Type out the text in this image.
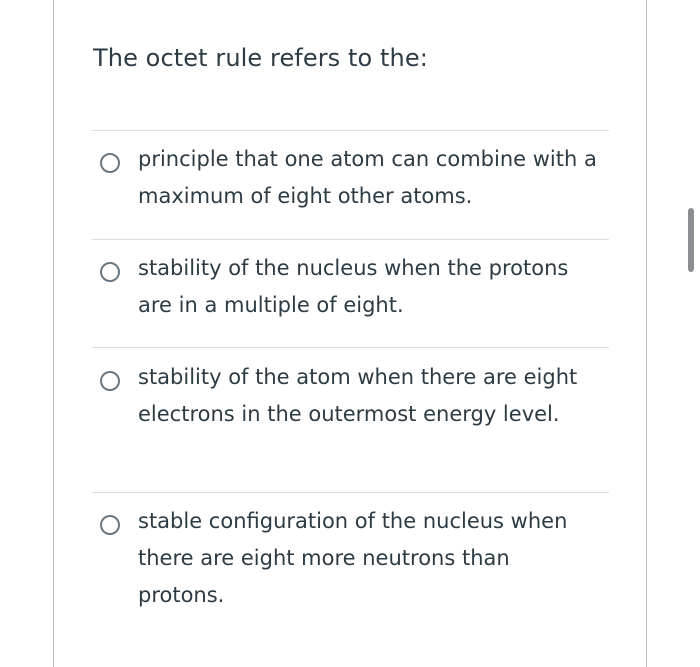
The octet rule refers to the:
principle that one atom can combine with a maximum of eight other atoms.
stability of the nucleus when the protons are in a multiple of eight.
stability of the atom when there are eight electrons in the outermost energy level.
stable configuration of the nucleus when there are eight more neutrons than protons.
